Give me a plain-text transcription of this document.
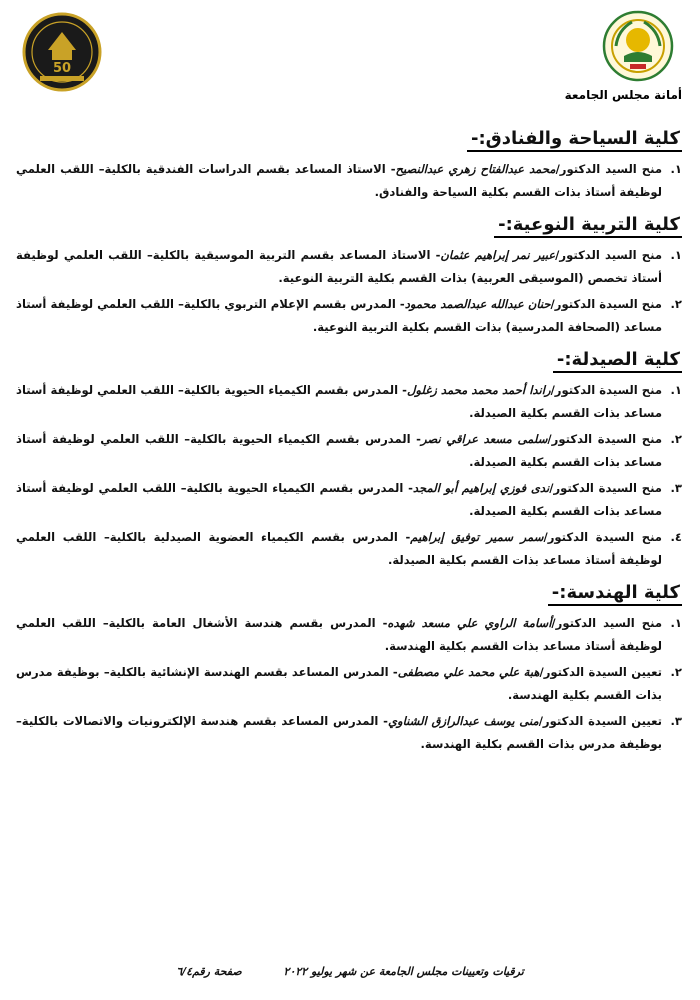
50
أمانة مجلس الجامعة
كلية السياحة والفنادق:-
١.
منح السيد الدكتور/محمد عبدالفتاح زهري عبدالنصيح- الاستاذ المساعد بقسم الدراسات الفندقية بالكلية– اللقب العلمي لوظيفة أستاذ بذات القسم بكلية السياحة والفنادق.
كلية التربية النوعية:-
١.
منح السيد الدكتور/عبير نمر إبراهيم عثمان- الاستاذ المساعد بقسم التربية الموسيقية بالكلية– اللقب العلمي لوظيفة أستاذ تخصص (الموسيقى العربية) بذات القسم بكلية التربية النوعية.
٢.
منح السيدة الدكتور/حنان عبدالله عبدالصمد محمود- المدرس بقسم الإعلام التربوي بالكلية– اللقب العلمي لوظيفة أستاذ مساعد (الصحافة المدرسية) بذات القسم بكلية التربية النوعية.
كلية الصيدلة:-
١.
منح السيدة الدكتور/راندا أحمد محمد محمد زغلول- المدرس بقسم الكيمياء الحيوية بالكلية– اللقب العلمي لوظيفة أستاذ مساعد بذات القسم بكلية الصيدلة.
٢.
منح السيدة الدكتور/سلمى مسعد عراقي نصر- المدرس بقسم الكيمياء الحيوية بالكلية– اللقب العلمي لوظيفة أستاذ مساعد بذات القسم بكلية الصيدلة.
٣.
منح السيدة الدكتور/ندى فوزي إبراهيم أبو المجد- المدرس بقسم الكيمياء الحيوية بالكلية– اللقب العلمي لوظيفة أستاذ مساعد بذات القسم بكلية الصيدلة.
٤.
منح السيدة الدكتور/سمر سمير توفيق إبراهيم- المدرس بقسم الكيمياء العضوية الصيدلية بالكلية– اللقب العلمي لوظيفة أستاذ مساعد بذات القسم بكلية الصيدلة.
كلية الهندسة:-
١.
منح السيد الدكتور/أسامة الراوي علي مسعد شهده- المدرس بقسم هندسة الأشغال العامة بالكلية– اللقب العلمي لوظيفة أستاذ مساعد بذات القسم بكلية الهندسة.
٢.
تعيين السيدة الدكتور/هبة علي محمد علي مصطفى- المدرس المساعد بقسم الهندسة الإنشائية بالكلية– بوظيفة مدرس بذات القسم بكلية الهندسة.
٣.
تعيين السيدة الدكتور/منى يوسف عبدالرازق الشناوي- المدرس المساعد بقسم هندسة الإلكترونيات والاتصالات بالكلية– بوظيفة مدرس بذات القسم بكلية الهندسة.
ترقيات وتعيينات مجلس الجامعة عن شهر يوليو ٢٠٢٢ صفحة رقم٦/٤
